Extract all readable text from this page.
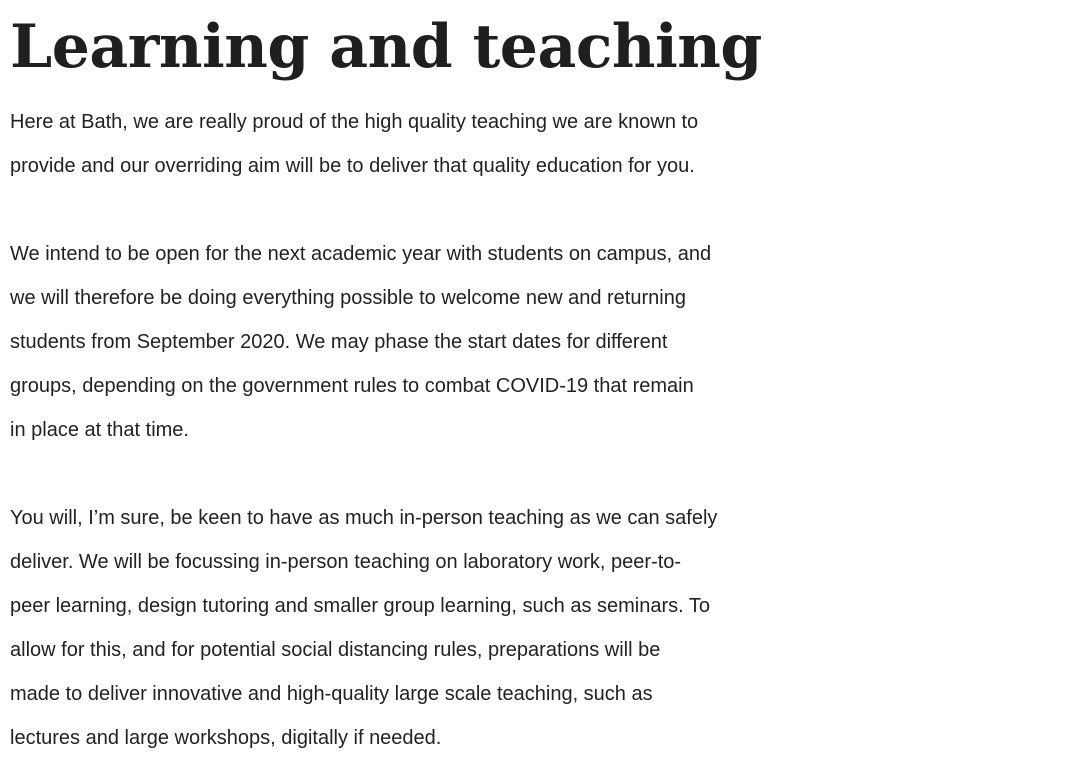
Learning and teaching

Here at Bath, we are really proud of the high quality teaching we are known to
provide and our overriding aim will be to deliver that quality education for you.

We intend to be open for the next academic year with students on campus, and
we will therefore be doing everything possible to welcome new and returning
students from September 2020. We may phase the start dates for different
groups, depending on the government rules to combat COVID-19 that remain
in place at that time.

You will, I’m sure, be keen to have as much in-person teaching as we can safely
deliver. We will be focussing in-person teaching on laboratory work, peer-to-
peer learning, design tutoring and smaller group learning, such as seminars. To
allow for this, and for potential social distancing rules, preparations will be
made to deliver innovative and high-quality large scale teaching, such as
lectures and large workshops, digitally if needed.
